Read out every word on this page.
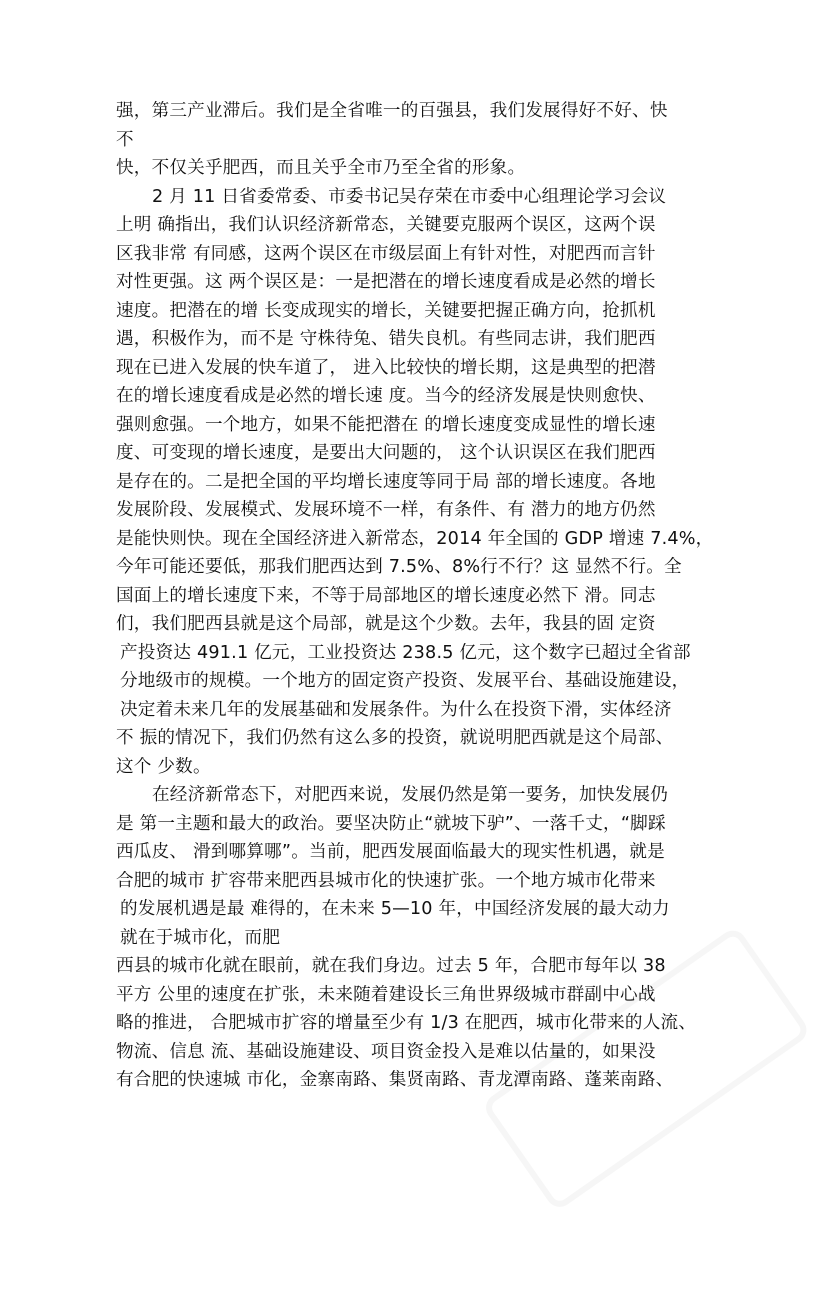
强，第三产业滞后。我们是全省唯一的百强县，我们发展得好不好、快
不
快，不仅关乎肥西，而且关乎全市乃至全省的形象。
2 月 11 日省委常委、市委书记吴存荣在市委中心组理论学习会议
上明 确指出，我们认识经济新常态，关键要克服两个误区，这两个误
区我非常 有同感，这两个误区在市级层面上有针对性，对肥西而言针
对性更强。这 两个误区是：一是把潜在的增长速度看成是必然的增长
速度。把潜在的增 长变成现实的增长，关键要把握正确方向，抢抓机
遇，积极作为，而不是 守株待兔、错失良机。有些同志讲，我们肥西
现在已进入发展的快车道了， 进入比较快的增长期，这是典型的把潜
在的增长速度看成是必然的增长速 度。当今的经济发展是快则愈快、
强则愈强。一个地方，如果不能把潜在 的增长速度变成显性的增长速
度、可变现的增长速度，是要出大问题的， 这个认识误区在我们肥西
是存在的。二是把全国的平均增长速度等同于局 部的增长速度。各地
发展阶段、发展模式、发展环境不一样，有条件、有 潜力的地方仍然
是能快则快。现在全国经济进入新常态，2014 年全国的 GDP 增速 7.4%，
今年可能还要低，那我们肥西达到 7.5%、8%行不行？这 显然不行。全
国面上的增长速度下来，不等于局部地区的增长速度必然下 滑。同志
们，我们肥西县就是这个局部，就是这个少数。去年，我县的固 定资
产投资达 491.1 亿元，工业投资达 238.5 亿元，这个数字已超过全省部
分地级市的规模。一个地方的固定资产投资、发展平台、基础设施建设，
决定着未来几年的发展基础和发展条件。为什么在投资下滑，实体经济
不 振的情况下，我们仍然有这么多的投资，就说明肥西就是这个局部、
这个 少数。
在经济新常态下，对肥西来说，发展仍然是第一要务，加快发展仍
是 第一主题和最大的政治。要坚决防止“就坡下驴”、一落千丈，“脚踩
西瓜皮、 滑到哪算哪”。当前，肥西发展面临最大的现实性机遇，就是
合肥的城市 扩容带来肥西县城市化的快速扩张。一个地方城市化带来
的发展机遇是最 难得的，在未来 5—10 年，中国经济发展的最大动力
就在于城市化，而肥
西县的城市化就在眼前，就在我们身边。过去 5 年，合肥市每年以 38
平方 公里的速度在扩张，未来随着建设长三角世界级城市群副中心战
略的推进， 合肥城市扩容的增量至少有 1/3 在肥西，城市化带来的人流、
物流、信息 流、基础设施建设、项目资金投入是难以估量的，如果没
有合肥的快速城 市化，金寨南路、集贤南路、青龙潭南路、蓬莱南路、
